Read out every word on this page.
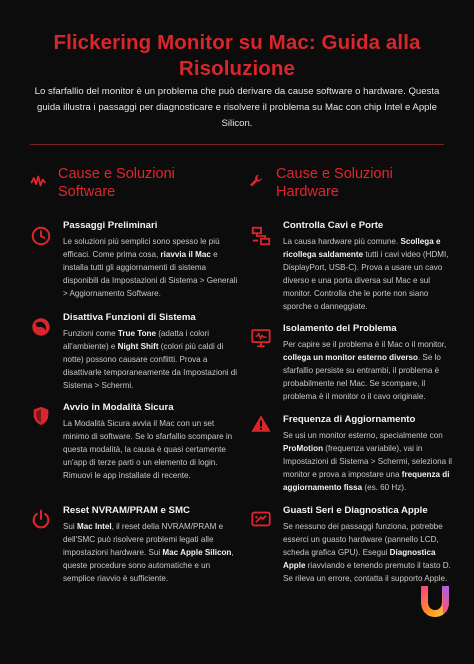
Flickering Monitor su Mac: Guida alla
Risoluzione
Lo sfarfallio del monitor è un problema che può derivare da cause software o hardware. Questa guida illustra i passaggi per diagnosticare e risolvere il problema su Mac con chip Intel e Apple Silicon.
Cause e Soluzioni
Software
Cause e Soluzioni
Hardware
Passaggi Preliminari
Le soluzioni più semplici sono spesso le più efficaci. Come prima cosa, riavvia il Mac e installa tutti gli aggiornamenti di sistema disponibili da Impostazioni di Sistema > Generali > Aggiornamento Software.
Disattiva Funzioni di Sistema
Funzioni come True Tone (adatta i colori all'ambiente) e Night Shift (colori più caldi di notte) possono causare conflitti. Prova a disattivarle temporaneamente da Impostazioni di Sistema > Schermi.
Avvio in Modalità Sicura
La Modalità Sicura avvia il Mac con un set minimo di software. Se lo sfarfallio scompare in questa modalità, la causa è quasi certamente un'app di terze parti o un elemento di login. Rimuovi le app installate di recente.
Reset NVRAM/PRAM e SMC
Sui Mac Intel, il reset della NVRAM/PRAM e dell'SMC può risolvere problemi legati alle impostazioni hardware. Sui Mac Apple Silicon, queste procedure sono automatiche e un semplice riavvio è sufficiente.
Controlla Cavi e Porte
La causa hardware più comune. Scollega e ricollega saldamente tutti i cavi video (HDMI, DisplayPort, USB-C). Prova a usare un cavo diverso e una porta diversa sul Mac e sul monitor. Controlla che le porte non siano sporche o danneggiate.
Isolamento del Problema
Per capire se il problema è il Mac o il monitor, collega un monitor esterno diverso. Se lo sfarfallio persiste su entrambi, il problema è probabilmente nel Mac. Se scompare, il problema è il monitor o il cavo originale.
Frequenza di Aggiornamento
Se usi un monitor esterno, specialmente con ProMotion (frequenza variabile), vai in Impostazioni di Sistema > Schermi, seleziona il monitor e prova a impostare una frequenza di aggiornamento fissa (es. 60 Hz).
Guasti Seri e Diagnostica Apple
Se nessuno dei passaggi funziona, potrebbe esserci un guasto hardware (pannello LCD, scheda grafica GPU). Esegui Diagnostica Apple riavviando e tenendo premuto il tasto D. Se rileva un errore, contatta il supporto Apple.
